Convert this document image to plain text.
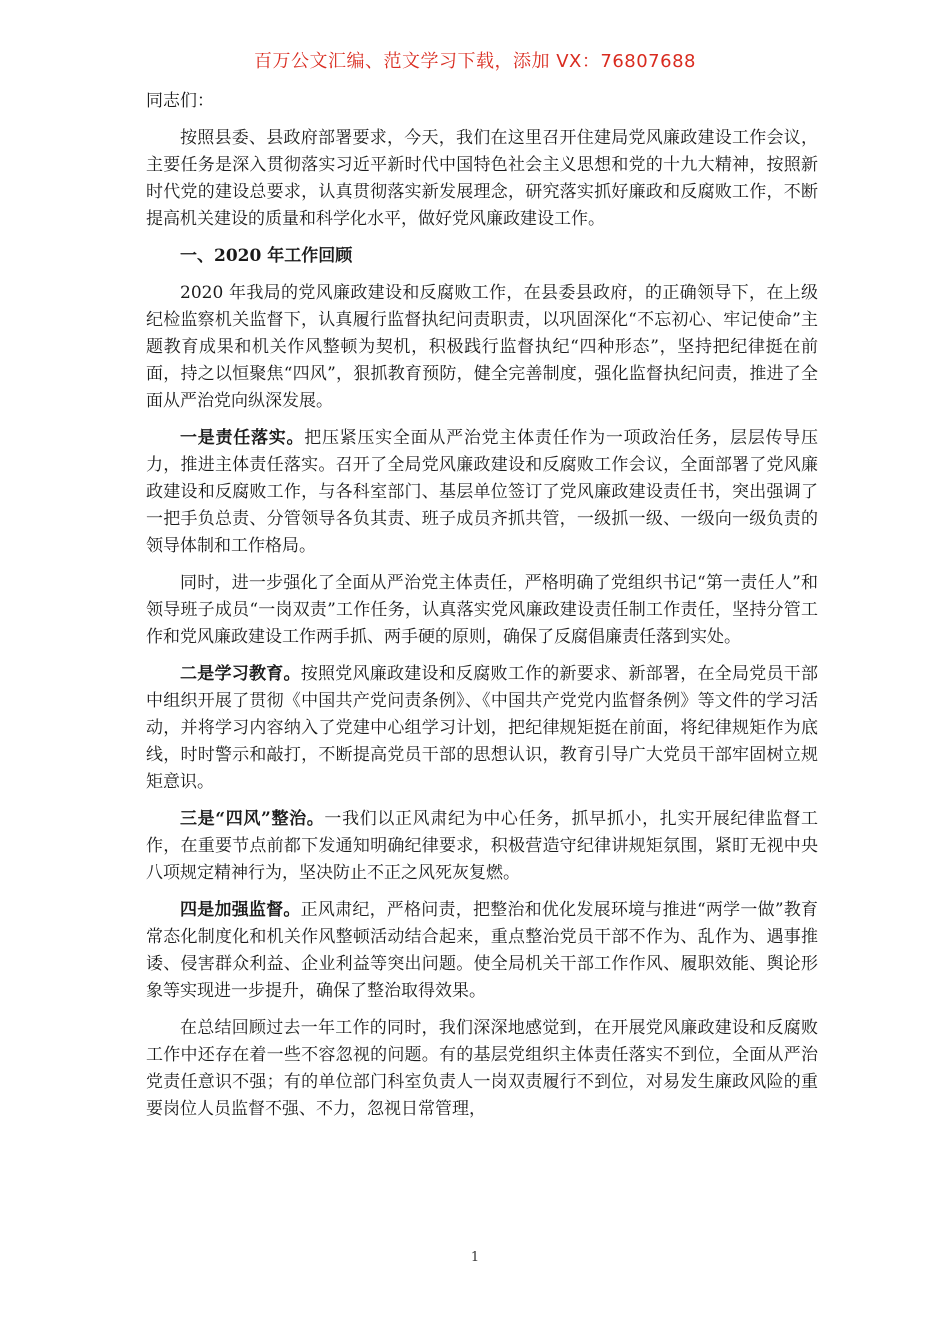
百万公文汇编、范文学习下载，添加 VX：76807688

同志们：

按照县委、县政府部署要求，今天，我们在这里召开住建局党风廉政建设工作会议，主要任务是深入贯彻落实习近平新时代中国特色社会主义思想和党的十九大精神，按照新时代党的建设总要求，认真贯彻落实新发展理念，研究落实抓好廉政和反腐败工作，不断提高机关建设的质量和科学化水平，做好党风廉政建设工作。

一、2020 年工作回顾

2020 年我局的党风廉政建设和反腐败工作，在县委县政府，的正确领导下，在上级纪检监察机关监督下，认真履行监督执纪问责职责，以巩固深化“不忘初心、牢记使命”主题教育成果和机关作风整顿为契机，积极践行监督执纪“四种形态”，坚持把纪律挺在前面，持之以恒聚焦“四风”，狠抓教育预防，健全完善制度，强化监督执纪问责，推进了全面从严治党向纵深发展。

一是责任落实。把压紧压实全面从严治党主体责任作为一项政治任务，层层传导压力，推进主体责任落实。召开了全局党风廉政建设和反腐败工作会议，全面部署了党风廉政建设和反腐败工作，与各科室部门、基层单位签订了党风廉政建设责任书，突出强调了一把手负总责、分管领导各负其责、班子成员齐抓共管，一级抓一级、一级向一级负责的领导体制和工作格局。

同时，进一步强化了全面从严治党主体责任，严格明确了党组织书记“第一责任人”和领导班子成员“一岗双责”工作任务，认真落实党风廉政建设责任制工作责任，坚持分管工作和党风廉政建设工作两手抓、两手硬的原则，确保了反腐倡廉责任落到实处。

二是学习教育。按照党风廉政建设和反腐败工作的新要求、新部署，在全局党员干部中组织开展了贯彻《中国共产党问责条例》、《中国共产党党内监督条例》等文件的学习活动，并将学习内容纳入了党建中心组学习计划，把纪律规矩挺在前面，将纪律规矩作为底线，时时警示和敲打，不断提高党员干部的思想认识，教育引导广大党员干部牢固树立规矩意识。

三是“四风”整治。一我们以正风肃纪为中心任务，抓早抓小，扎实开展纪律监督工作，在重要节点前都下发通知明确纪律要求，积极营造守纪律讲规矩氛围，紧盯无视中央八项规定精神行为，坚决防止不正之风死灰复燃。

四是加强监督。正风肃纪，严格问责，把整治和优化发展环境与推进“两学一做”教育常态化制度化和机关作风整顿活动结合起来，重点整治党员干部不作为、乱作为、遇事推诿、侵害群众利益、企业利益等突出问题。使全局机关干部工作作风、履职效能、舆论形象等实现进一步提升，确保了整治取得效果。

在总结回顾过去一年工作的同时，我们深深地感觉到，在开展党风廉政建设和反腐败工作中还存在着一些不容忽视的问题。有的基层党组织主体责任落实不到位，全面从严治党责任意识不强；有的单位部门科室负责人一岗双责履行不到位，对易发生廉政风险的重要岗位人员监督不强、不力，忽视日常管理，

1
